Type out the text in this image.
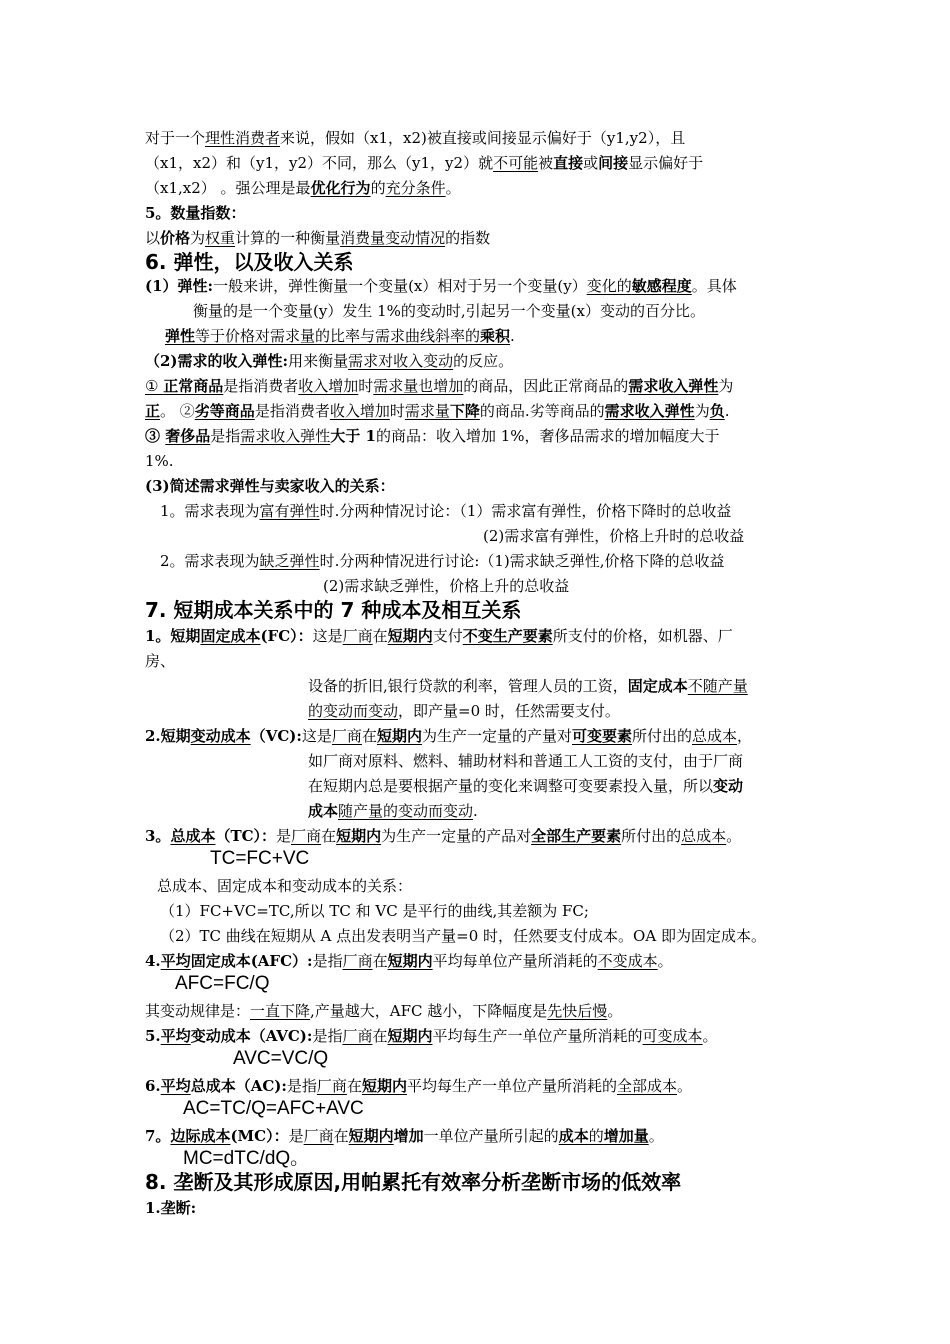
对于一个理性消费者来说，假如（x1，x2)被直接或间接显示偏好于（y1,y2），且
（x1，x2）和（y1，y2）不同，那么（y1，y2）就不可能被直接或间接显示偏好于
（x1,x2） 。强公理是最优化行为的充分条件。
5。数量指数：
以价格为权重计算的一种衡量消费量变动情况的指数
6. 弹性，以及收入关系
(1）弹性:一般来讲，弹性衡量一个变量(x）相对于另一个变量(y）变化的敏感程度。具体
衡量的是一个变量(y）发生 1%的变动时,引起另一个变量(x）变动的百分比。
弹性等于价格对需求量的比率与需求曲线斜率的乘积.
（2)需求的收入弹性:用来衡量需求对收入变动的反应。
① 正常商品是指消费者收入增加时需求量也增加的商品，因此正常商品的需求收入弹性为
正。 ②劣等商品是指消费者收入增加时需求量下降的商品.劣等商品的需求收入弹性为负.
③ 奢侈品是指需求收入弹性大于 1的商品：收入增加 1%，奢侈品需求的增加幅度大于
1%.
(3)简述需求弹性与卖家收入的关系：
1。需求表现为富有弹性时.分两种情况讨论：（1）需求富有弹性，价格下降时的总收益
(2)需求富有弹性，价格上升时的总收益
2。需求表现为缺乏弹性时.分两种情况进行讨论:（1)需求缺乏弹性,价格下降的总收益
(2)需求缺乏弹性，价格上升的总收益
7. 短期成本关系中的 7 种成本及相互关系
1。短期固定成本(FC）：这是厂商在短期内支付不变生产要素所支付的价格，如机器、厂
房、
设备的折旧,银行贷款的利率，管理人员的工资，固定成本不随产量
的变动而变动，即产量=0 时，任然需要支付。
2.短期变动成本（VC):这是厂商在短期内为生产一定量的产量对可变要素所付出的总成本，
如厂商对原料、燃料、辅助材料和普通工人工资的支付，由于厂商
在短期内总是要根据产量的变化来调整可变要素投入量，所以变动
成本随产量的变动而变动.
3。总成本（TC）：是厂商在短期内为生产一定量的产品对全部生产要素所付出的总成本。
TC=FC+VC
总成本、固定成本和变动成本的关系：
（1）FC+VC=TC,所以 TC 和 VC 是平行的曲线,其差额为 FC;
（2）TC 曲线在短期从 A 点出发表明当产量=0 时，任然要支付成本。OA 即为固定成本。
4.平均固定成本(AFC）:是指厂商在短期内平均每单位产量所消耗的不变成本。
AFC=FC/Q
其变动规律是：一直下降,产量越大，AFC 越小，下降幅度是先快后慢。
5.平均变动成本（AVC):是指厂商在短期内平均每生产一单位产量所消耗的可变成本。
AVC=VC/Q
6.平均总成本（AC):是指厂商在短期内平均每生产一单位产量所消耗的全部成本。
AC=TC/Q=AFC+AVC
7。边际成本(MC）：是厂商在短期内增加一单位产量所引起的成本的增加量。
MC=dTC/dQ。
8. 垄断及其形成原因,用帕累托有效率分析垄断市场的低效率
1.垄断:
